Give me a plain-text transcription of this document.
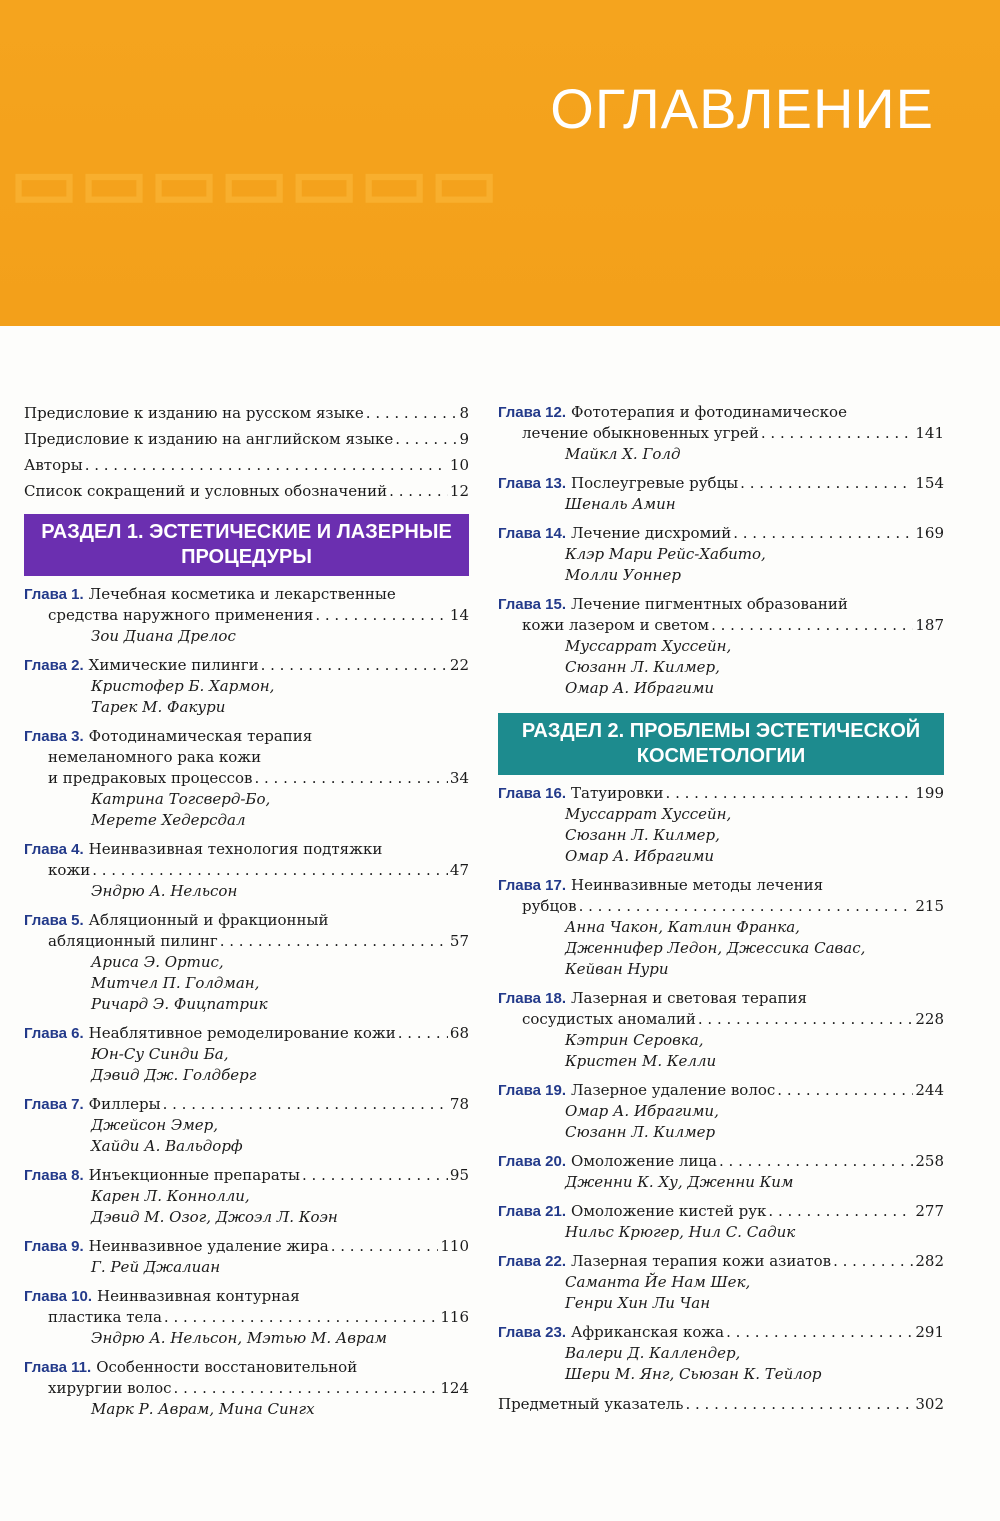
▭▭▭▭▭▭▭
ОГЛАВЛЕНИЕ
Предисловие к изданию на русском языке . . .	8
Предисловие к изданию на английском языке . . .	9
Авторы . . .	10
Список сокращений и условных обозначений . . .	12
РАЗДЕЛ 1. ЭСТЕТИЧЕСКИЕ И ЛАЗЕРНЫЕ
ПРОЦЕДУРЫ
Глава 1. Лечебная косметика и лекарственные
средства наружного применения . . .	14
Зои Диана Дрелос
Глава 2. Химические пилинги . . .	22
Кристофер Б. Хармон,
Тарек М. Факури
Глава 3. Фотодинамическая терапия
немеланомного рака кожи
и предраковых процессов . . .	34
Катрина Тогсверд-Бо,
Мерете Хедерсдал
Глава 4. Неинвазивная технология подтяжки
кожи . . .	47
Эндрю А. Нельсон
Глава 5. Абляционный и фракционный
абляционный пилинг . . .	57
Ариса Э. Ортис,
Митчел П. Голдман,
Ричард Э. Фицпатрик
Глава 6. Неаблятивное ремоделирование кожи . . .	68
Юн-Су Синди Ба,
Дэвид Дж. Голдберг
Глава 7. Филлеры . . .	78
Джейсон Эмер,
Хайди А. Вальдорф
Глава 8. Инъекционные препараты . . .	95
Карен Л. Коннолли,
Дэвид М. Озог, Джоэл Л. Коэн
Глава 9. Неинвазивное удаление жира . . .	110
Г. Рей Джалиан
Глава 10. Неинвазивная контурная
пластика тела . . .	116
Эндрю А. Нельсон, Мэтью М. Аврам
Глава 11. Особенности восстановительной
хирургии волос . . .	124
Марк Р. Аврам, Мина Сингх
Глава 12. Фототерапия и фотодинамическое
лечение обыкновенных угрей . . .	141
Майкл Х. Голд
Глава 13. Послеугревые рубцы . . .	154
Шеналь Амин
Глава 14. Лечение дисхромий . . .	169
Клэр Мари Рейс-Хабито,
Молли Уоннер
Глава 15. Лечение пигментных образований
кожи лазером и светом . . .	187
Муссаррат Хуссейн,
Сюзанн Л. Килмер,
Омар А. Ибрагими
РАЗДЕЛ 2. ПРОБЛЕМЫ ЭСТЕТИЧЕСКОЙ
КОСМЕТОЛОГИИ
Глава 16. Татуировки . . .	199
Муссаррат Хуссейн,
Сюзанн Л. Килмер,
Омар А. Ибрагими
Глава 17. Неинвазивные методы лечения
рубцов . . .	215
Анна Чакон, Катлин Франка,
Дженнифер Ледон, Джессика Савас,
Кейван Нури
Глава 18. Лазерная и световая терапия
сосудистых аномалий . . .	228
Кэтрин Серовка,
Кристен М. Келли
Глава 19. Лазерное удаление волос . . .	244
Омар А. Ибрагими,
Сюзанн Л. Килмер
Глава 20. Омоложение лица . . .	258
Дженни К. Ху, Дженни Ким
Глава 21. Омоложение кистей рук . . .	277
Нильс Крюгер, Нил С. Садик
Глава 22. Лазерная терапия кожи азиатов . . .	282
Саманта Йе Нам Шек,
Генри Хин Ли Чан
Глава 23. Африканская кожа . . .	291
Валери Д. Каллендер,
Шери М. Янг, Сьюзан К. Тейлор
Предметный указатель . . .	302
